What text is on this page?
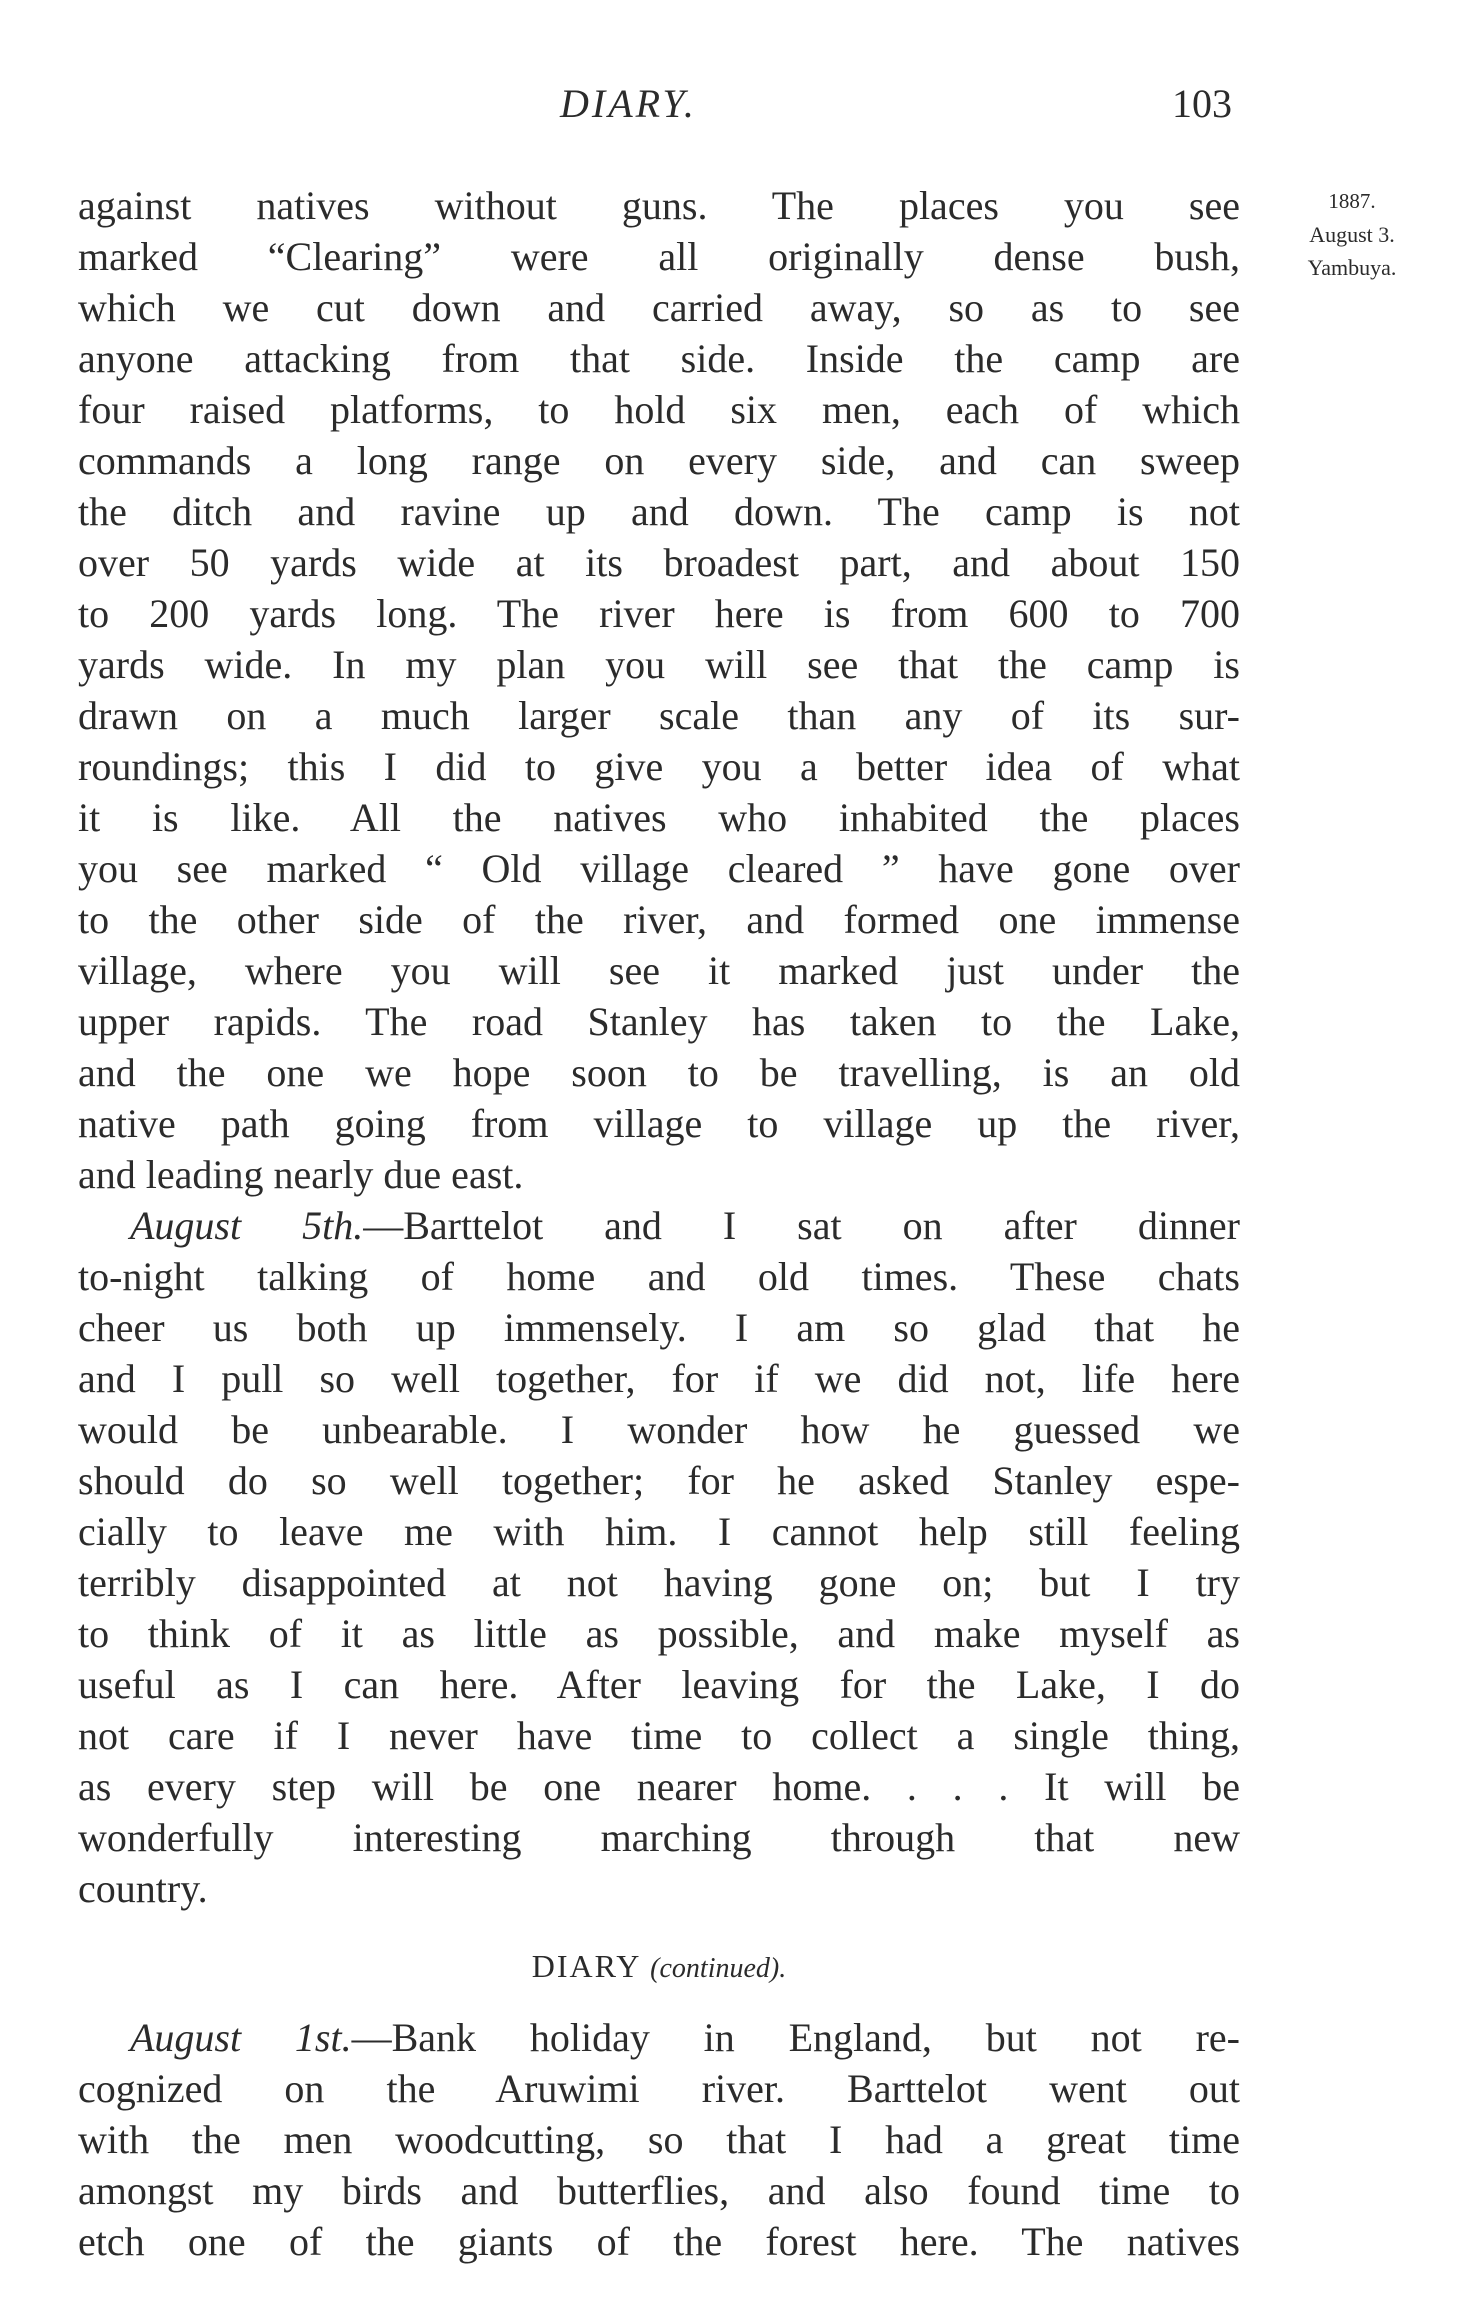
DIARY.	103
1887.
August 3.
Yambuya.
against natives without guns. The places you see
marked “Clearing” were all originally dense bush,
which we cut down and carried away, so as to see
anyone attacking from that side. Inside the camp are
four raised platforms, to hold six men, each of which
commands a long range on every side, and can sweep
the ditch and ravine up and down. The camp is not
over 50 yards wide at its broadest part, and about 150
to 200 yards long. The river here is from 600 to 700
yards wide. In my plan you will see that the camp is
drawn on a much larger scale than any of its sur-
roundings; this I did to give you a better idea of what
it is like. All the natives who inhabited the places
you see marked “ Old village cleared ” have gone over
to the other side of the river, and formed one immense
village, where you will see it marked just under the
upper rapids. The road Stanley has taken to the Lake,
and the one we hope soon to be travelling, is an old
native path going from village to village up the river,
and leading nearly due east.
August 5th.—Barttelot and I sat on after dinner
to-night talking of home and old times. These chats
cheer us both up immensely. I am so glad that he
and I pull so well together, for if we did not, life here
would be unbearable. I wonder how he guessed we
should do so well together; for he asked Stanley espe-
cially to leave me with him. I cannot help still feeling
terribly disappointed at not having gone on; but I try
to think of it as little as possible, and make myself as
useful as I can here. After leaving for the Lake, I do
not care if I never have time to collect a single thing,
as every step will be one nearer home. . . . It will be
wonderfully interesting marching through that new
country.
DIARY (continued).
August 1st.—Bank holiday in England, but not re-
cognized on the Aruwimi river. Barttelot went out
with the men woodcutting, so that I had a great time
amongst my birds and butterflies, and also found time to
etch one of the giants of the forest here. The natives
